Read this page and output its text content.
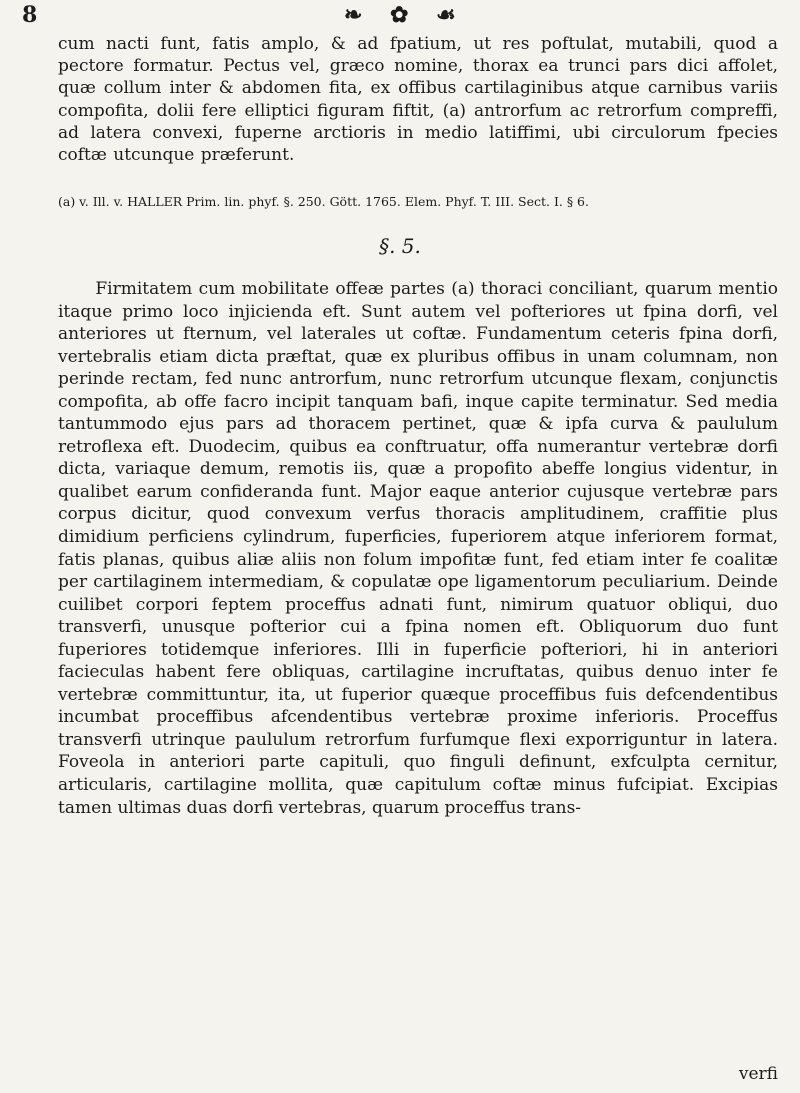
8	❧ ✿ ☙

cum nacti funt, fatis amplo, & ad fpatium, ut res poftulat, mutabili, quod a pectore formatur. Pectus vel, græco nomine, thorax ea trunci pars dici affolet, quæ collum inter & abdomen fita, ex offibus cartilaginibus atque carnibus variis compofita, dolii fere elliptici figuram fiftit, (a) antrorfum ac retrorfum compreffi, ad latera convexi, fuperne arctioris in medio latiffimi, ubi circulorum fpecies coftæ utcunque præferunt.

(a) v. Ill. v. HALLER Prim. lin. phyf. §. 250. Gött. 1765. Elem. Phyf. T. III. Sect. I. § 6.
§. 5.

Firmitatem cum mobilitate offeæ partes (a) thoraci conciliant, quarum mentio itaque primo loco injicienda eft. Sunt autem vel pofteriores ut fpina dorfi, vel anteriores ut fternum, vel laterales ut coftæ. Fundamentum ceteris fpina dorfi, vertebralis etiam dicta præftat, quæ ex pluribus offibus in unam columnam, non perinde rectam, fed nunc antrorfum, nunc retrorfum utcunque flexam, conjunctis compofita, ab offe facro incipit tanquam bafi, inque capite terminatur. Sed media tantummodo ejus pars ad thoracem pertinet, quæ & ipfa curva & paululum retroflexa eft. Duodecim, quibus ea conftruatur, offa numerantur vertebræ dorfi dicta, variaque demum, remotis iis, quæ a propofito abeffe longius videntur, in qualibet earum confideranda funt. Major eaque anterior cujusque vertebræ pars corpus dicitur, quod convexum verfus thoracis amplitudinem, craffitie plus dimidium perficiens cylindrum, fuperficies, fuperiorem atque inferiorem format, fatis planas, quibus aliæ aliis non folum impofitæ funt, fed etiam inter fe coalitæ per cartilaginem intermediam, & copulatæ ope ligamentorum peculiarium. Deinde cuilibet corpori feptem proceffus adnati funt, nimirum quatuor obliqui, duo transverfi, unusque pofterior cui a fpina nomen eft. Obliquorum duo funt fuperiores totidemque inferiores. Illi in fuperficie pofteriori, hi in anteriori facieculas habent fere obliquas, cartilagine incruftatas, quibus denuo inter fe vertebræ committuntur, ita, ut fuperior quæque proceffibus fuis defcendentibus incumbat proceffibus afcendentibus vertebræ proxime inferioris. Proceffus transverfi utrinque paululum retrorfum furfumque flexi exporriguntur in latera. Foveola in anteriori parte capituli, quo finguli definunt, exfculpta cernitur, articularis, cartilagine mollita, quæ capitulum coftæ minus fufcipiat. Excipias tamen ultimas duas dorfi vertebras, quarum proceffus trans-

verfi
